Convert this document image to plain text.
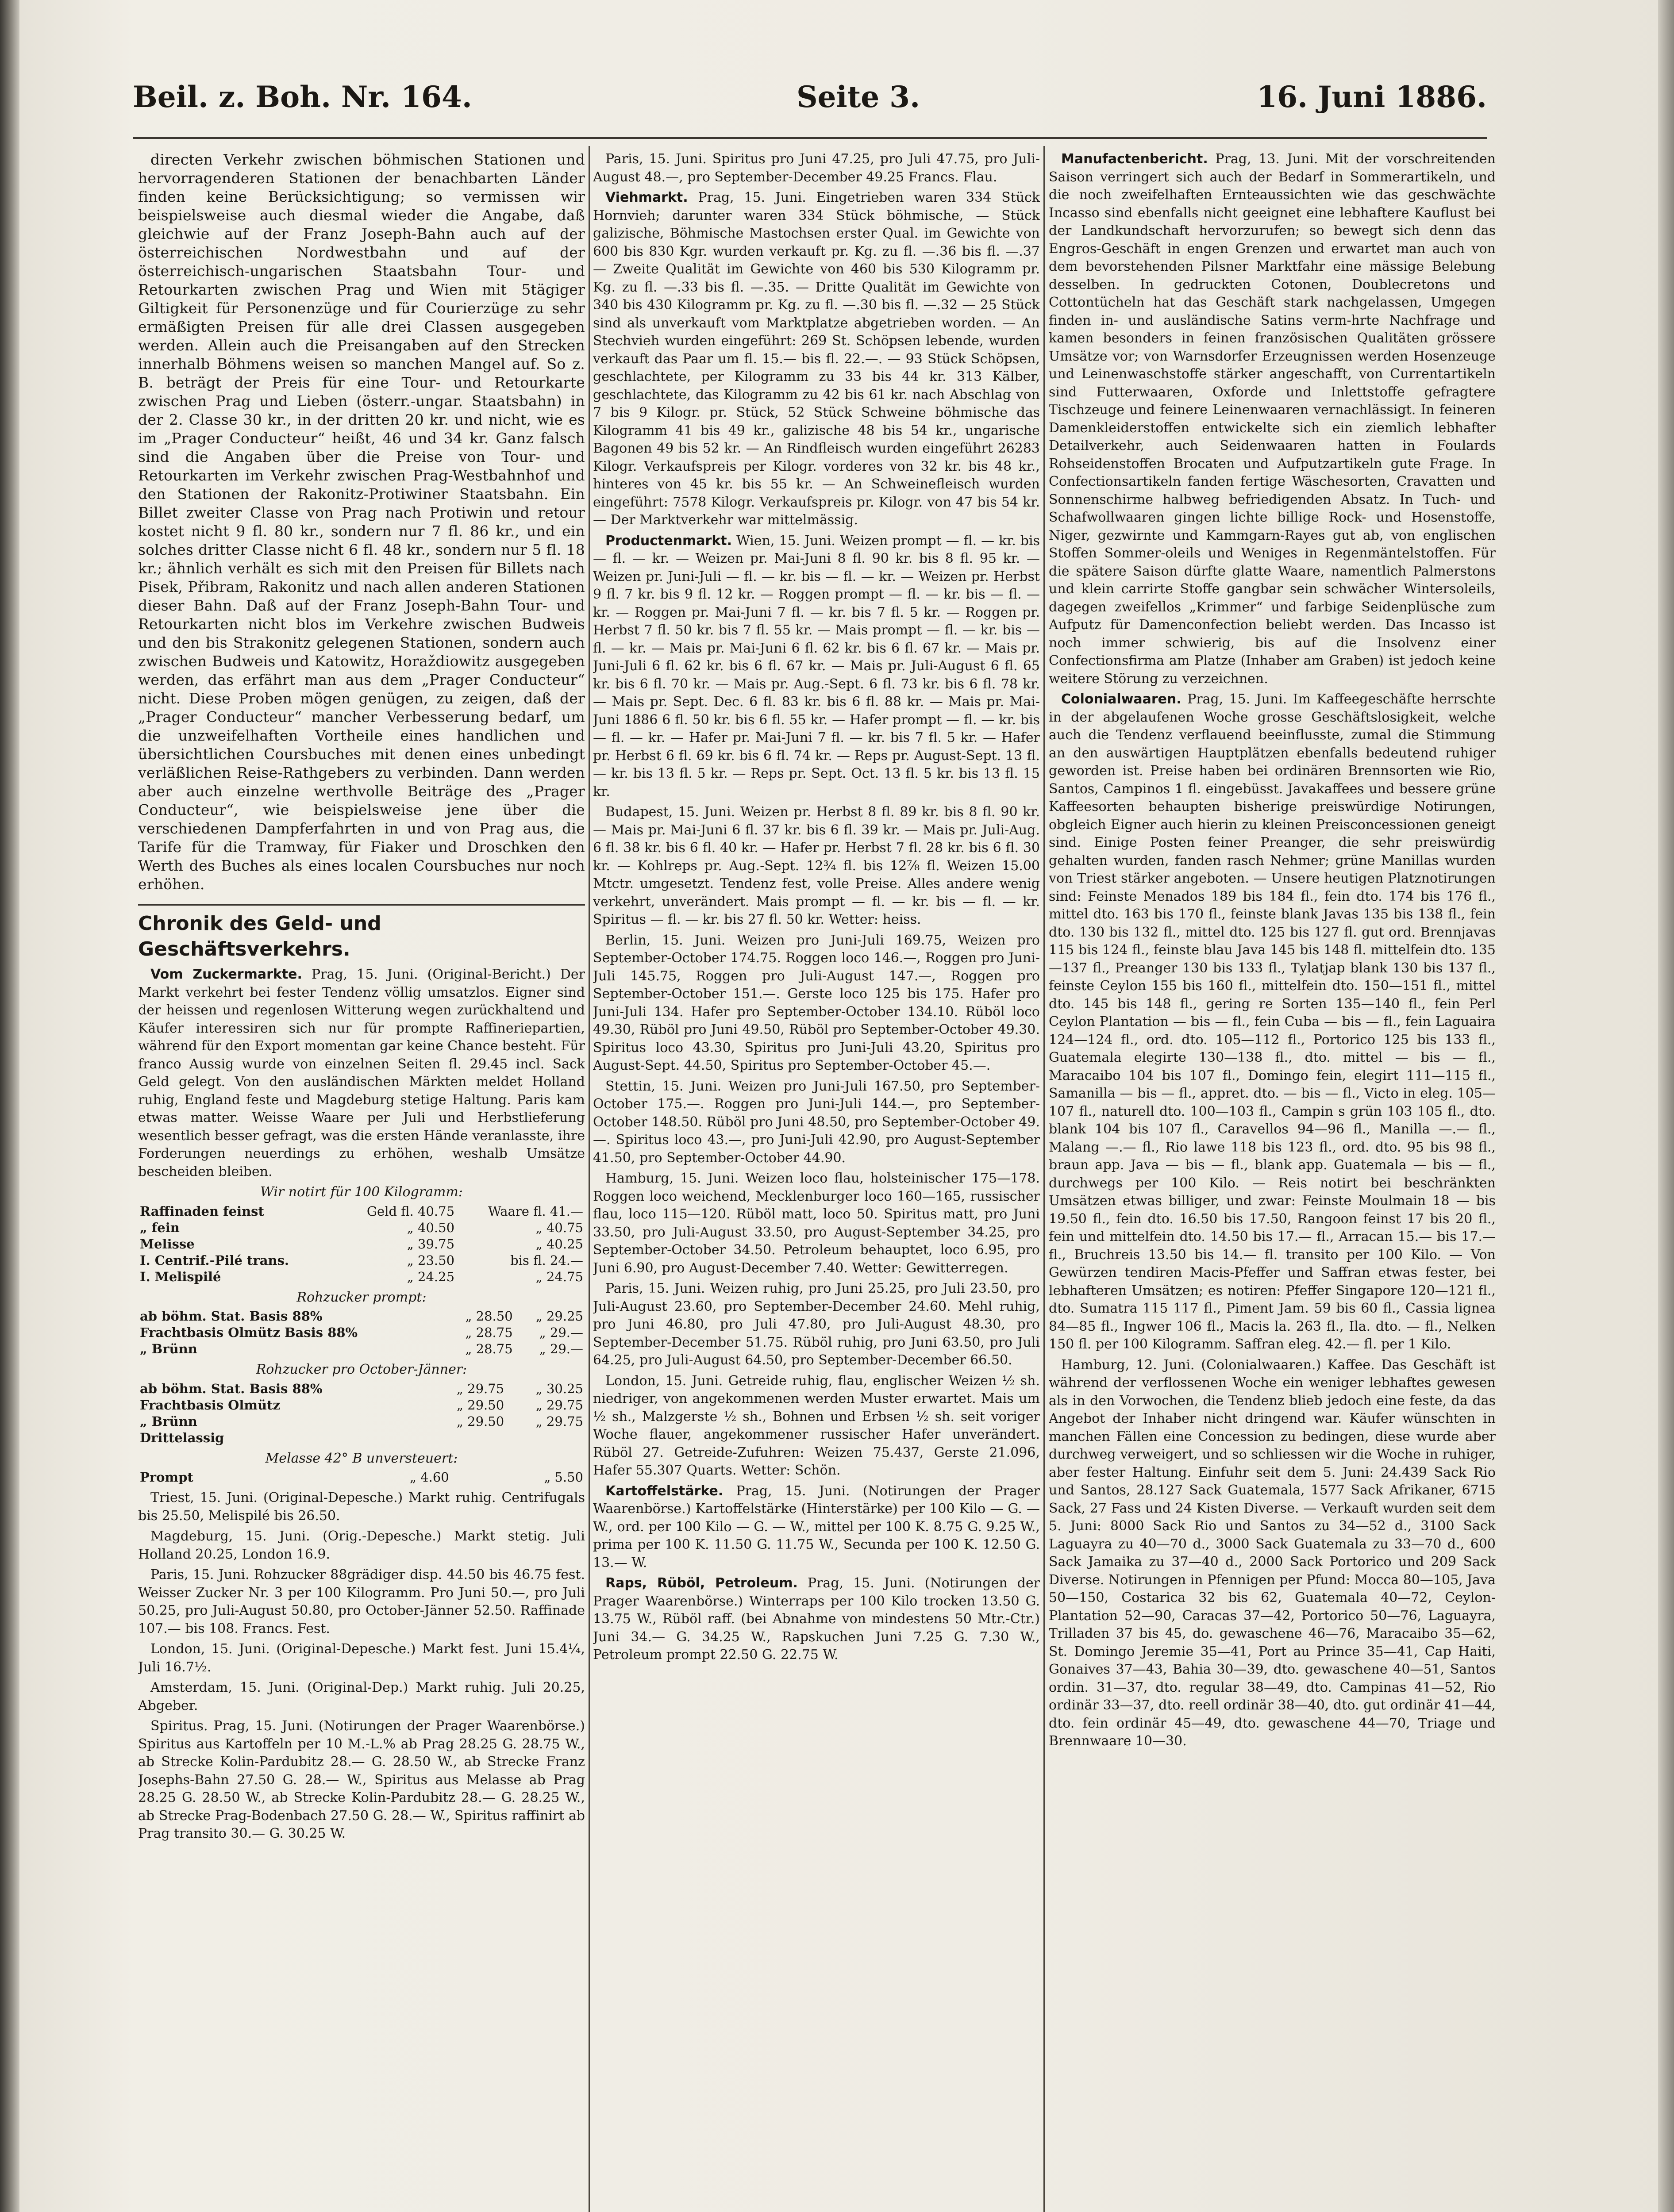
Beil. z. Boh. Nr. 164.	Seite 3.	16. Juni 1886.

directen Verkehr zwischen böhmischen Stationen und hervorragenderen Stationen der benachbarten Länder finden keine Berücksichtigung; so vermissen wir beispielsweise auch diesmal wieder die Angabe, daß gleichwie auf der Franz Joseph-Bahn auch auf der österreichischen Nordwestbahn und auf der österreichisch-ungarischen Staatsbahn Tour- und Retourkarten zwischen Prag und Wien mit 5tägiger Giltigkeit für Personenzüge und für Courierzüge zu sehr ermäßigten Preisen für alle drei Classen ausgegeben werden. Allein auch die Preisangaben auf den Strecken innerhalb Böhmens weisen so manchen Mangel auf. So z. B. beträgt der Preis für eine Tour- und Retourkarte zwischen Prag und Lieben (österr.-ungar. Staatsbahn) in der 2. Classe 30 kr., in der dritten 20 kr. und nicht, wie es im „Prager Conducteur“ heißt, 46 und 34 kr. Ganz falsch sind die Angaben über die Preise von Tour- und Retourkarten im Verkehr zwischen Prag-Westbahnhof und den Stationen der Rakonitz-Protiwiner Staatsbahn. Ein Billet zweiter Classe von Prag nach Protiwin und retour kostet nicht 9 fl. 80 kr., sondern nur 7 fl. 86 kr., und ein solches dritter Classe nicht 6 fl. 48 kr., sondern nur 5 fl. 18 kr.; ähnlich verhält es sich mit den Preisen für Billets nach Pisek, Přibram, Rakonitz und nach allen anderen Stationen dieser Bahn. Daß auf der Franz Joseph-Bahn Tour- und Retourkarten nicht blos im Verkehre zwischen Budweis und den bis Strakonitz gelegenen Stationen, sondern auch zwischen Budweis und Katowitz, Horaždiowitz ausgegeben werden, das erfährt man aus dem „Prager Conducteur“ nicht. Diese Proben mögen genügen, zu zeigen, daß der „Prager Conducteur“ mancher Verbesserung bedarf, um die unzweifelhaften Vortheile eines handlichen und übersichtlichen Coursbuches mit denen eines unbedingt verläßlichen Reise-Rathgebers zu verbinden. Dann werden aber auch einzelne werthvolle Beiträge des „Prager Conducteur“, wie beispielsweise jene über die verschiedenen Dampferfahrten in und von Prag aus, die Tarife für die Tramway, für Fiaker und Droschken den Werth des Buches als eines localen Coursbuches nur noch erhöhen.

Chronik des Geld- und Geschäftsverkehrs.

Vom Zuckermarkte. Prag, 15. Juni. (Original-Bericht.) Der Markt verkehrt bei fester Tendenz völlig umsatzlos. Eigner sind der heissen und regenlosen Witterung wegen zurückhaltend und Käufer interessiren sich nur für prompte Raffineriepartien, während für den Export momentan gar keine Chance besteht. Für franco Aussig wurde von einzelnen Seiten fl. 29.45 incl. Sack Geld gelegt. Von den ausländischen Märkten meldet Holland ruhig, England feste und Magdeburg stetige Haltung. Paris kam etwas matter. Weisse Waare per Juli und Herbstlieferung wesentlich besser gefragt, was die ersten Hände veranlasste, ihre Forderungen neuerdings zu erhöhen, weshalb Umsätze bescheiden bleiben.

Wir notirt für 100 Kilogramm:
Raffinaden feinst	Geld fl. 40.75	Waare fl. 41.—
„ fein	„ 40.50	„ 40.75
Melisse	„ 39.75	„ 40.25
I. Centrif.-Pilé trans.	„ 23.50	bis fl. 24.—
I. Melispilé	„ 24.25	„ 24.75
Rohzucker prompt:
ab böhm. Stat. Basis 88%	„ 28.50	„ 29.25
Frachtbasis Olmütz Basis 88%	„ 28.75	„ 29.—
„ Brünn	„ 28.75	„ 29.—
Rohzucker pro October-Jänner:
ab böhm. Stat. Basis 88%	„ 29.75	„ 30.25
Frachtbasis Olmütz	„ 29.50	„ 29.75
„ Brünn	„ 29.50	„ 29.75
Drittelassig		
Melasse 42° B unversteuert:
Prompt	„ 4.60	„ 5.50

Triest, 15. Juni. (Original-Depesche.) Markt ruhig. Centrifugals bis 25.50, Melispilé bis 26.50.

Magdeburg, 15. Juni. (Orig.-Depesche.) Markt stetig. Juli Holland 20.25, London 16.9.

Paris, 15. Juni. Rohzucker 88grädiger disp. 44.50 bis 46.75 fest. Weisser Zucker Nr. 3 per 100 Kilogramm. Pro Juni 50.—, pro Juli 50.25, pro Juli-August 50.80, pro October-Jänner 52.50. Raffinade 107.— bis 108. Francs. Fest.

London, 15. Juni. (Original-Depesche.) Markt fest. Juni 15.4¼, Juli 16.7½.

Amsterdam, 15. Juni. (Original-Dep.) Markt ruhig. Juli 20.25, Abgeber.

Spiritus. Prag, 15. Juni. (Notirungen der Prager Waarenbörse.) Spiritus aus Kartoffeln per 10 M.-L.% ab Prag 28.25 G. 28.75 W., ab Strecke Kolin-Pardubitz 28.— G. 28.50 W., ab Strecke Franz Josephs-Bahn 27.50 G. 28.— W., Spiritus aus Melasse ab Prag 28.25 G. 28.50 W., ab Strecke Kolin-Pardubitz 28.— G. 28.25 W., ab Strecke Prag-Bodenbach 27.50 G. 28.— W., Spiritus raffinirt ab Prag transito 30.— G. 30.25 W.

Paris, 15. Juni. Spiritus pro Juni 47.25, pro Juli 47.75, pro Juli-August 48.—, pro September-December 49.25 Francs. Flau.

Viehmarkt. Prag, 15. Juni. Eingetrieben waren 334 Stück Hornvieh; darunter waren 334 Stück böhmische, — Stück galizische, Böhmische Mastochsen erster Qual. im Gewichte von 600 bis 830 Kgr. wurden verkauft pr. Kg. zu fl. —.36 bis fl. —.37 — Zweite Qualität im Gewichte von 460 bis 530 Kilogramm pr. Kg. zu fl. —.33 bis fl. —.35. — Dritte Qualität im Gewichte von 340 bis 430 Kilogramm pr. Kg. zu fl. —.30 bis fl. —.32 — 25 Stück sind als unverkauft vom Marktplatze abgetrieben worden. — An Stechvieh wurden eingeführt: 269 St. Schöpsen lebende, wurden verkauft das Paar um fl. 15.— bis fl. 22.—. — 93 Stück Schöpsen, geschlachtete, per Kilogramm zu 33 bis 44 kr. 313 Kälber, geschlachtete, das Kilogramm zu 42 bis 61 kr. nach Abschlag von 7 bis 9 Kilogr. pr. Stück, 52 Stück Schweine böhmische das Kilogramm 41 bis 49 kr., galizische 48 bis 54 kr., ungarische Bagonen 49 bis 52 kr. — An Rindfleisch wurden eingeführt 26283 Kilogr. Verkaufspreis per Kilogr. vorderes von 32 kr. bis 48 kr., hinteres von 45 kr. bis 55 kr. — An Schweinefleisch wurden eingeführt: 7578 Kilogr. Verkaufspreis pr. Kilogr. von 47 bis 54 kr. — Der Marktverkehr war mittelmässig.

Productenmarkt. Wien, 15. Juni. Weizen prompt — fl. — kr. bis — fl. — kr. — Weizen pr. Mai-Juni 8 fl. 90 kr. bis 8 fl. 95 kr. — Weizen pr. Juni-Juli — fl. — kr. bis — fl. — kr. — Weizen pr. Herbst 9 fl. 7 kr. bis 9 fl. 12 kr. — Roggen prompt — fl. — kr. bis — fl. — kr. — Roggen pr. Mai-Juni 7 fl. — kr. bis 7 fl. 5 kr. — Roggen pr. Herbst 7 fl. 50 kr. bis 7 fl. 55 kr. — Mais prompt — fl. — kr. bis — fl. — kr. — Mais pr. Mai-Juni 6 fl. 62 kr. bis 6 fl. 67 kr. — Mais pr. Juni-Juli 6 fl. 62 kr. bis 6 fl. 67 kr. — Mais pr. Juli-August 6 fl. 65 kr. bis 6 fl. 70 kr. — Mais pr. Aug.-Sept. 6 fl. 73 kr. bis 6 fl. 78 kr. — Mais pr. Sept. Dec. 6 fl. 83 kr. bis 6 fl. 88 kr. — Mais pr. Mai-Juni 1886 6 fl. 50 kr. bis 6 fl. 55 kr. — Hafer prompt — fl. — kr. bis — fl. — kr. — Hafer pr. Mai-Juni 7 fl. — kr. bis 7 fl. 5 kr. — Hafer pr. Herbst 6 fl. 69 kr. bis 6 fl. 74 kr. — Reps pr. August-Sept. 13 fl. — kr. bis 13 fl. 5 kr. — Reps pr. Sept. Oct. 13 fl. 5 kr. bis 13 fl. 15 kr.

Budapest, 15. Juni. Weizen pr. Herbst 8 fl. 89 kr. bis 8 fl. 90 kr. — Mais pr. Mai-Juni 6 fl. 37 kr. bis 6 fl. 39 kr. — Mais pr. Juli-Aug. 6 fl. 38 kr. bis 6 fl. 40 kr. — Hafer pr. Herbst 7 fl. 28 kr. bis 6 fl. 30 kr. — Kohlreps pr. Aug.-Sept. 12¾ fl. bis 12⅞ fl. Weizen 15.00 Mtctr. umgesetzt. Tendenz fest, volle Preise. Alles andere wenig verkehrt, unverändert. Mais prompt — fl. — kr. bis — fl. — kr. Spiritus — fl. — kr. bis 27 fl. 50 kr. Wetter: heiss.

Berlin, 15. Juni. Weizen pro Juni-Juli 169.75, Weizen pro September-October 174.75. Roggen loco 146.—, Roggen pro Juni-Juli 145.75, Roggen pro Juli-August 147.—, Roggen pro September-October 151.—. Gerste loco 125 bis 175. Hafer pro Juni-Juli 134. Hafer pro September-October 134.10. Rüböl loco 49.30, Rüböl pro Juni 49.50, Rüböl pro September-October 49.30. Spiritus loco 43.30, Spiritus pro Juni-Juli 43.20, Spiritus pro August-Sept. 44.50, Spiritus pro September-October 45.—.

Stettin, 15. Juni. Weizen pro Juni-Juli 167.50, pro September-October 175.—. Roggen pro Juni-Juli 144.—, pro September-October 148.50. Rüböl pro Juni 48.50, pro September-October 49.—. Spiritus loco 43.—, pro Juni-Juli 42.90, pro August-September 41.50, pro September-October 44.90.

Hamburg, 15. Juni. Weizen loco flau, holsteinischer 175—178. Roggen loco weichend, Mecklenburger loco 160—165, russischer flau, loco 115—120. Rüböl matt, loco 50. Spiritus matt, pro Juni 33.50, pro Juli-August 33.50, pro August-September 34.25, pro September-October 34.50. Petroleum behauptet, loco 6.95, pro Juni 6.90, pro August-December 7.40. Wetter: Gewitterregen.

Paris, 15. Juni. Weizen ruhig, pro Juni 25.25, pro Juli 23.50, pro Juli-August 23.60, pro September-December 24.60. Mehl ruhig, pro Juni 46.80, pro Juli 47.80, pro Juli-August 48.30, pro September-December 51.75. Rüböl ruhig, pro Juni 63.50, pro Juli 64.25, pro Juli-August 64.50, pro September-December 66.50.

London, 15. Juni. Getreide ruhig, flau, englischer Weizen ½ sh. niedriger, von angekommenen werden Muster erwartet. Mais um ½ sh., Malzgerste ½ sh., Bohnen und Erbsen ½ sh. seit voriger Woche flauer, angekommener russischer Hafer unverändert. Rüböl 27. Getreide-Zufuhren: Weizen 75.437, Gerste 21.096, Hafer 55.307 Quarts. Wetter: Schön.

Kartoffelstärke. Prag, 15. Juni. (Notirungen der Prager Waarenbörse.) Kartoffelstärke (Hinterstärke) per 100 Kilo — G. — W., ord. per 100 Kilo — G. — W., mittel per 100 K. 8.75 G. 9.25 W., prima per 100 K. 11.50 G. 11.75 W., Secunda per 100 K. 12.50 G. 13.— W.

Raps, Rüböl, Petroleum. Prag, 15. Juni. (Notirungen der Prager Waarenbörse.) Winterraps per 100 Kilo trocken 13.50 G. 13.75 W., Rüböl raff. (bei Abnahme von mindestens 50 Mtr.-Ctr.) Juni 34.— G. 34.25 W., Rapskuchen Juni 7.25 G. 7.30 W., Petroleum prompt 22.50 G. 22.75 W.

Manufactenbericht. Prag, 13. Juni. Mit der vorschreitenden Saison verringert sich auch der Bedarf in Sommerartikeln, und die noch zweifelhaften Ernteaussichten wie das geschwächte Incasso sind ebenfalls nicht geeignet eine lebhaftere Kauflust bei der Landkundschaft hervorzurufen; so bewegt sich denn das Engros-Geschäft in engen Grenzen und erwartet man auch von dem bevorstehenden Pilsner Marktfahr eine mässige Belebung desselben. In gedruckten Cotonen, Doublecretons und Cottontücheln hat das Geschäft stark nachgelassen, Umgegen finden in- und ausländische Satins verm-hrte Nachfrage und kamen besonders in feinen französischen Qualitäten grössere Umsätze vor; von Warnsdorfer Erzeugnissen werden Hosenzeuge und Leinenwaschstoffe stärker angeschafft, von Currentartikeln sind Futterwaaren, Oxforde und Inlettstoffe gefragtere Tischzeuge und feinere Leinenwaaren vernachlässigt. In feineren Damenkleiderstoffen entwickelte sich ein ziemlich lebhafter Detailverkehr, auch Seidenwaaren hatten in Foulards Rohseidenstoffen Brocaten und Aufputzartikeln gute Frage. In Confectionsartikeln fanden fertige Wäschesorten, Cravatten und Sonnenschirme halbweg befriedigenden Absatz. In Tuch- und Schafwollwaaren gingen lichte billige Rock- und Hosenstoffe, Niger, gezwirnte und Kammgarn-Rayes gut ab, von englischen Stoffen Sommer-oleils und Weniges in Regenmäntelstoffen. Für die spätere Saison dürfte glatte Waare, namentlich Palmerstons und klein carrirte Stoffe gangbar sein schwächer Wintersoleils, dagegen zweifellos „Krimmer“ und farbige Seidenplüsche zum Aufputz für Damenconfection beliebt werden. Das Incasso ist noch immer schwierig, bis auf die Insolvenz einer Confectionsfirma am Platze (Inhaber am Graben) ist jedoch keine weitere Störung zu verzeichnen.

Colonialwaaren. Prag, 15. Juni. Im Kaffeegeschäfte herrschte in der abgelaufenen Woche grosse Geschäftslosigkeit, welche auch die Tendenz verflauend beeinflusste, zumal die Stimmung an den auswärtigen Hauptplätzen ebenfalls bedeutend ruhiger geworden ist. Preise haben bei ordinären Brennsorten wie Rio, Santos, Campinos 1 fl. eingebüsst. Javakaffees und bessere grüne Kaffeesorten behaupten bisherige preiswürdige Notirungen, obgleich Eigner auch hierin zu kleinen Preisconcessionen geneigt sind. Einige Posten feiner Preanger, die sehr preiswürdig gehalten wurden, fanden rasch Nehmer; grüne Manillas wurden von Triest stärker angeboten. — Unsere heutigen Platznotirungen sind: Feinste Menados 189 bis 184 fl., fein dto. 174 bis 176 fl., mittel dto. 163 bis 170 fl., feinste blank Javas 135 bis 138 fl., fein dto. 130 bis 132 fl., mittel dto. 125 bis 127 fl. gut ord. Brennjavas 115 bis 124 fl., feinste blau Java 145 bis 148 fl. mittelfein dto. 135—137 fl., Preanger 130 bis 133 fl., Tylatjap blank 130 bis 137 fl., feinste Ceylon 155 bis 160 fl., mittelfein dto. 150—151 fl., mittel dto. 145 bis 148 fl., gering re Sorten 135—140 fl., fein Perl Ceylon Plantation — bis — fl., fein Cuba — bis — fl., fein Laguaira 124—124 fl., ord. dto. 105—112 fl., Portorico 125 bis 133 fl., Guatemala elegirte 130—138 fl., dto. mittel — bis — fl., Maracaibo 104 bis 107 fl., Domingo fein, elegirt 111—115 fl., Samanilla — bis — fl., appret. dto. — bis — fl., Victo in eleg. 105—107 fl., naturell dto. 100—103 fl., Campin s grün 103 105 fl., dto. blank 104 bis 107 fl., Caravellos 94—96 fl., Manilla —.— fl., Malang —.— fl., Rio lawe 118 bis 123 fl., ord. dto. 95 bis 98 fl., braun app. Java — bis — fl., blank app. Guatemala — bis — fl., durchwegs per 100 Kilo. — Reis notirt bei beschränkten Umsätzen etwas billiger, und zwar: Feinste Moulmain 18 — bis 19.50 fl., fein dto. 16.50 bis 17.50, Rangoon feinst 17 bis 20 fl., fein und mittelfein dto. 14.50 bis 17.— fl., Arracan 15.— bis 17.— fl., Bruchreis 13.50 bis 14.— fl. transito per 100 Kilo. — Von Gewürzen tendiren Macis-Pfeffer und Saffran etwas fester, bei lebhafteren Umsätzen; es notiren: Pfeffer Singapore 120—121 fl., dto. Sumatra 115 117 fl., Piment Jam. 59 bis 60 fl., Cassia lignea 84—85 fl., Ingwer 106 fl., Macis la. 263 fl., Ila. dto. — fl., Nelken 150 fl. per 100 Kilogramm. Saffran eleg. 42.— fl. per 1 Kilo.

Hamburg, 12. Juni. (Colonialwaaren.) Kaffee. Das Geschäft ist während der verflossenen Woche ein weniger lebhaftes gewesen als in den Vorwochen, die Tendenz blieb jedoch eine feste, da das Angebot der Inhaber nicht dringend war. Käufer wünschten in manchen Fällen eine Concession zu bedingen, diese wurde aber durchweg verweigert, und so schliessen wir die Woche in ruhiger, aber fester Haltung. Einfuhr seit dem 5. Juni: 24.439 Sack Rio und Santos, 28.127 Sack Guatemala, 1577 Sack Afrikaner, 6715 Sack, 27 Fass und 24 Kisten Diverse. — Verkauft wurden seit dem 5. Juni: 8000 Sack Rio und Santos zu 34—52 d., 3100 Sack Laguayra zu 40—70 d., 3000 Sack Guatemala zu 33—70 d., 600 Sack Jamaika zu 37—40 d., 2000 Sack Portorico und 209 Sack Diverse. Notirungen in Pfennigen per Pfund: Mocca 80—105, Java 50—150, Costarica 32 bis 62, Guatemala 40—72, Ceylon-Plantation 52—90, Caracas 37—42, Portorico 50—76, Laguayra, Trilladen 37 bis 45, do. gewaschene 46—76, Maracaibo 35—62, St. Domingo Jeremie 35—41, Port au Prince 35—41, Cap Haiti, Gonaives 37—43, Bahia 30—39, dto. gewaschene 40—51, Santos ordin. 31—37, dto. regular 38—49, dto. Campinas 41—52, Rio ordinär 33—37, dto. reell ordinär 38—40, dto. gut ordinär 41—44, dto. fein ordinär 45—49, dto. gewaschene 44—70, Triage und Brennwaare 10—30.
